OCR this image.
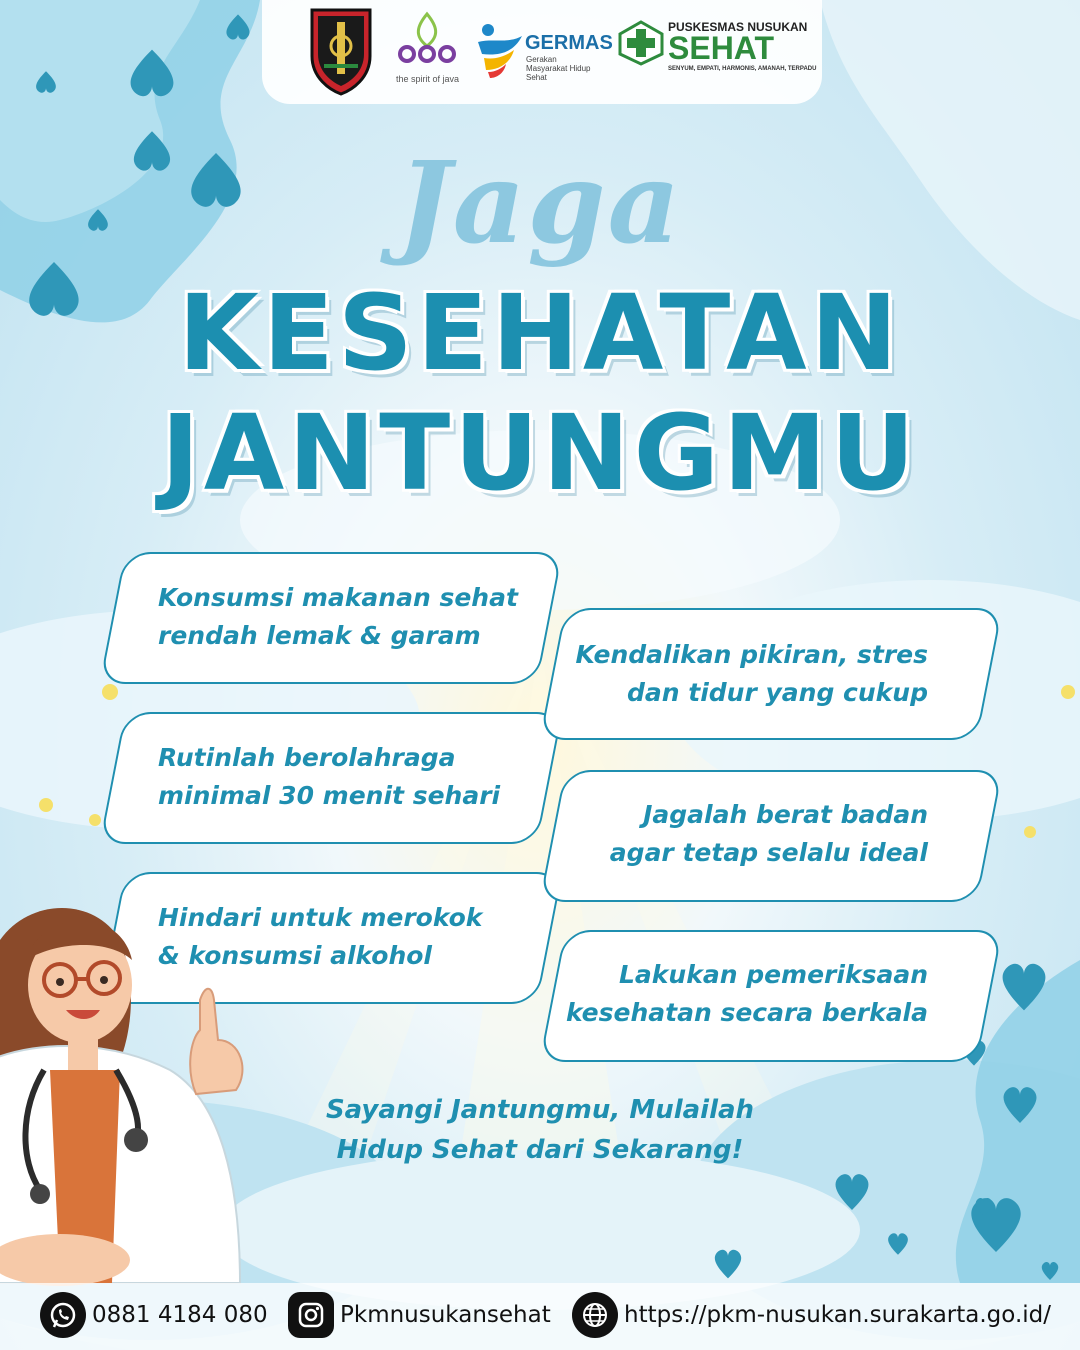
the spirit of java
GERMAS
Gerakan Masyarakat Hidup Sehat
PUSKESMAS NUSUKAN
SEHAT
SENYUM, EMPATI, HARMONIS, AMANAH, TERPADU
Jaga
KESEHATAN
JANTUNGMU
Konsumsi makanan sehat
rendah lemak & garam
Rutinlah berolahraga
minimal 30 menit sehari
Hindari untuk merokok
& konsumsi alkohol
Kendalikan pikiran, stres
dan tidur yang cukup
Jagalah berat badan
agar tetap selalu ideal
Lakukan pemeriksaan
kesehatan secara berkala
Sayangi Jantungmu, Mulailah
Hidup Sehat dari Sekarang!
0881 4184 080	Pkmnusukansehat	https://pkm-nusukan.surakarta.go.id/
